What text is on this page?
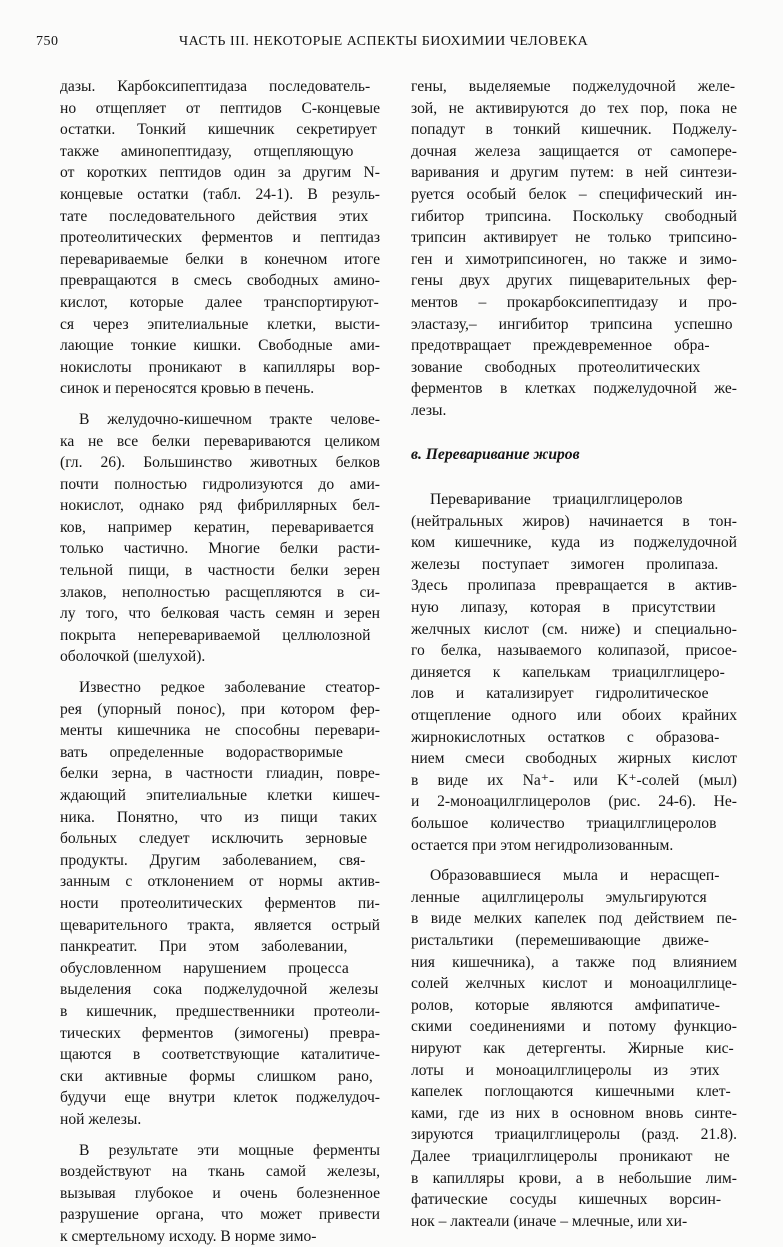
750	ЧАСТЬ III. НЕКОТОРЫЕ АСПЕКТЫ БИОХИМИИ ЧЕЛОВЕКА
дазы. Карбоксипептидаза последователь-
но отщепляет от пептидов С-концевые
остатки. Тонкий кишечник секретирует
также аминопептидазу, отщепляющую
от коротких пептидов один за другим N-
концевые остатки (табл. 24-1). В резуль-
тате последовательного действия этих
протеолитических ферментов и пептидаз
перевариваемые белки в конечном итоге
превращаются в смесь свободных амино-
кислот, которые далее транспортируют-
ся через эпителиальные клетки, высти-
лающие тонкие кишки. Свободные ами-
нокислоты проникают в капилляры вор-
синок и переносятся кровью в печень.
В желудочно-кишечном тракте челове-
ка не все белки перевариваются целиком
(гл. 26). Большинство животных белков
почти полностью гидролизуются до ами-
нокислот, однако ряд фибриллярных бел-
ков, например кератин, переваривается
только частично. Многие белки расти-
тельной пищи, в частности белки зерен
злаков, неполностью расщепляются в си-
лу того, что белковая часть семян и зерен
покрыта неперевариваемой целлюлозной
оболочкой (шелухой).
Известно редкое заболевание стеатор-
рея (упорный понос), при котором фер-
менты кишечника не способны перевари-
вать определенные водорастворимые
белки зерна, в частности глиадин, повре-
ждающий эпителиальные клетки кишеч-
ника. Понятно, что из пищи таких
больных следует исключить зерновые
продукты. Другим заболеванием, свя-
занным с отклонением от нормы актив-
ности протеолитических ферментов пи-
щеварительного тракта, является острый
панкреатит. При этом заболевании,
обусловленном нарушением процесса
выделения сока поджелудочной железы
в кишечник, предшественники протеоли-
тических ферментов (зимогены) превра-
щаются в соответствующие каталитиче-
ски активные формы слишком рано,
будучи еще внутри клеток поджелудоч-
ной железы.
В результате эти мощные ферменты
воздействуют на ткань самой железы,
вызывая глубокое и очень болезненное
разрушение органа, что может привести
к смертельному исходу. В норме зимо-
гены, выделяемые поджелудочной желе-
зой, не активируются до тех пор, пока не
попадут в тонкий кишечник. Поджелу-
дочная железа защищается от самопере-
варивания и другим путем: в ней синтези-
руется особый белок – специфический ин-
гибитор трипсина. Поскольку свободный
трипсин активирует не только трипсино-
ген и химотрипсиноген, но также и зимо-
гены двух других пищеварительных фер-
ментов – прокарбоксипептидазу и про-
эластазу,– ингибитор трипсина успешно
предотвращает преждевременное обра-
зование свободных протеолитических
ферментов в клетках поджелудочной же-
лезы.
в. Переваривание жиров
Переваривание триацилглицеролов
(нейтральных жиров) начинается в тон-
ком кишечнике, куда из поджелудочной
железы поступает зимоген пролипаза.
Здесь пролипаза превращается в актив-
ную липазу, которая в присутствии
желчных кислот (см. ниже) и специально-
го белка, называемого колипазой, присое-
диняется к капелькам триацилглицеро-
лов и катализирует гидролитическое
отщепление одного или обоих крайних
жирнокислотных остатков с образова-
нием смеси свободных жирных кислот
в виде их Na⁺- или K⁺-солей (мыл)
и 2-моноацилглицеролов (рис. 24-6). Не-
большое количество триацилглицеролов
остается при этом негидролизованным.
Образовавшиеся мыла и нерасщеп-
ленные ацилглицеролы эмульгируются
в виде мелких капелек под действием пе-
ристальтики (перемешивающие движе-
ния кишечника), а также под влиянием
солей желчных кислот и моноацилглице-
ролов, которые являются амфипатиче-
скими соединениями и потому функцио-
нируют как детергенты. Жирные кис-
лоты и моноацилглицеролы из этих
капелек поглощаются кишечными клет-
ками, где из них в основном вновь синте-
зируются триацилглицеролы (разд. 21.8).
Далее триацилглицеролы проникают не
в капилляры крови, а в небольшие лим-
фатические сосуды кишечных ворсин-
нок – лактеали (иначе – млечные, или хи-
